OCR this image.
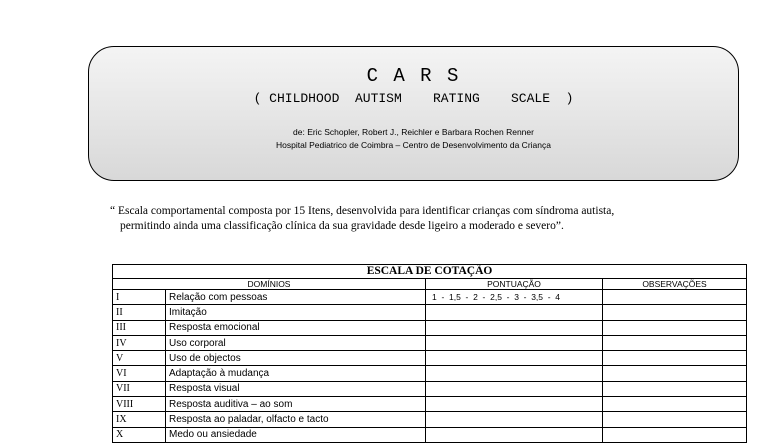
C A R S
( CHILDHOOD  AUTISM    RATING    SCALE  )
de: Eric Schopler, Robert J., Reichler e Barbara Rochen Renner
Hospital Pediatrico de Coimbra – Centro de Desenvolvimento da Criança
“ Escala comportamental composta por 15 Itens, desenvolvida para identificar crianças com síndroma autista,
permitindo ainda uma classificação clínica da sua gravidade desde ligeiro a moderado e severo”.
ESCALA DE COTAÇÃO			
DOMÍNIOS		PONTUAÇÃO	OBSERVAÇÕES
I	Relação com pessoas	1  -  1,5  -  2  -  2,5  -  3  -  3,5  -  4	
II	Imitação		
III	Resposta emocional		
IV	Uso corporal		
V	Uso de objectos		
VI	Adaptação à mudança		
VII	Resposta visual		
VIII	Resposta auditiva – ao som		
IX	Resposta ao paladar, olfacto e tacto		
X	Medo ou ansiedade		
